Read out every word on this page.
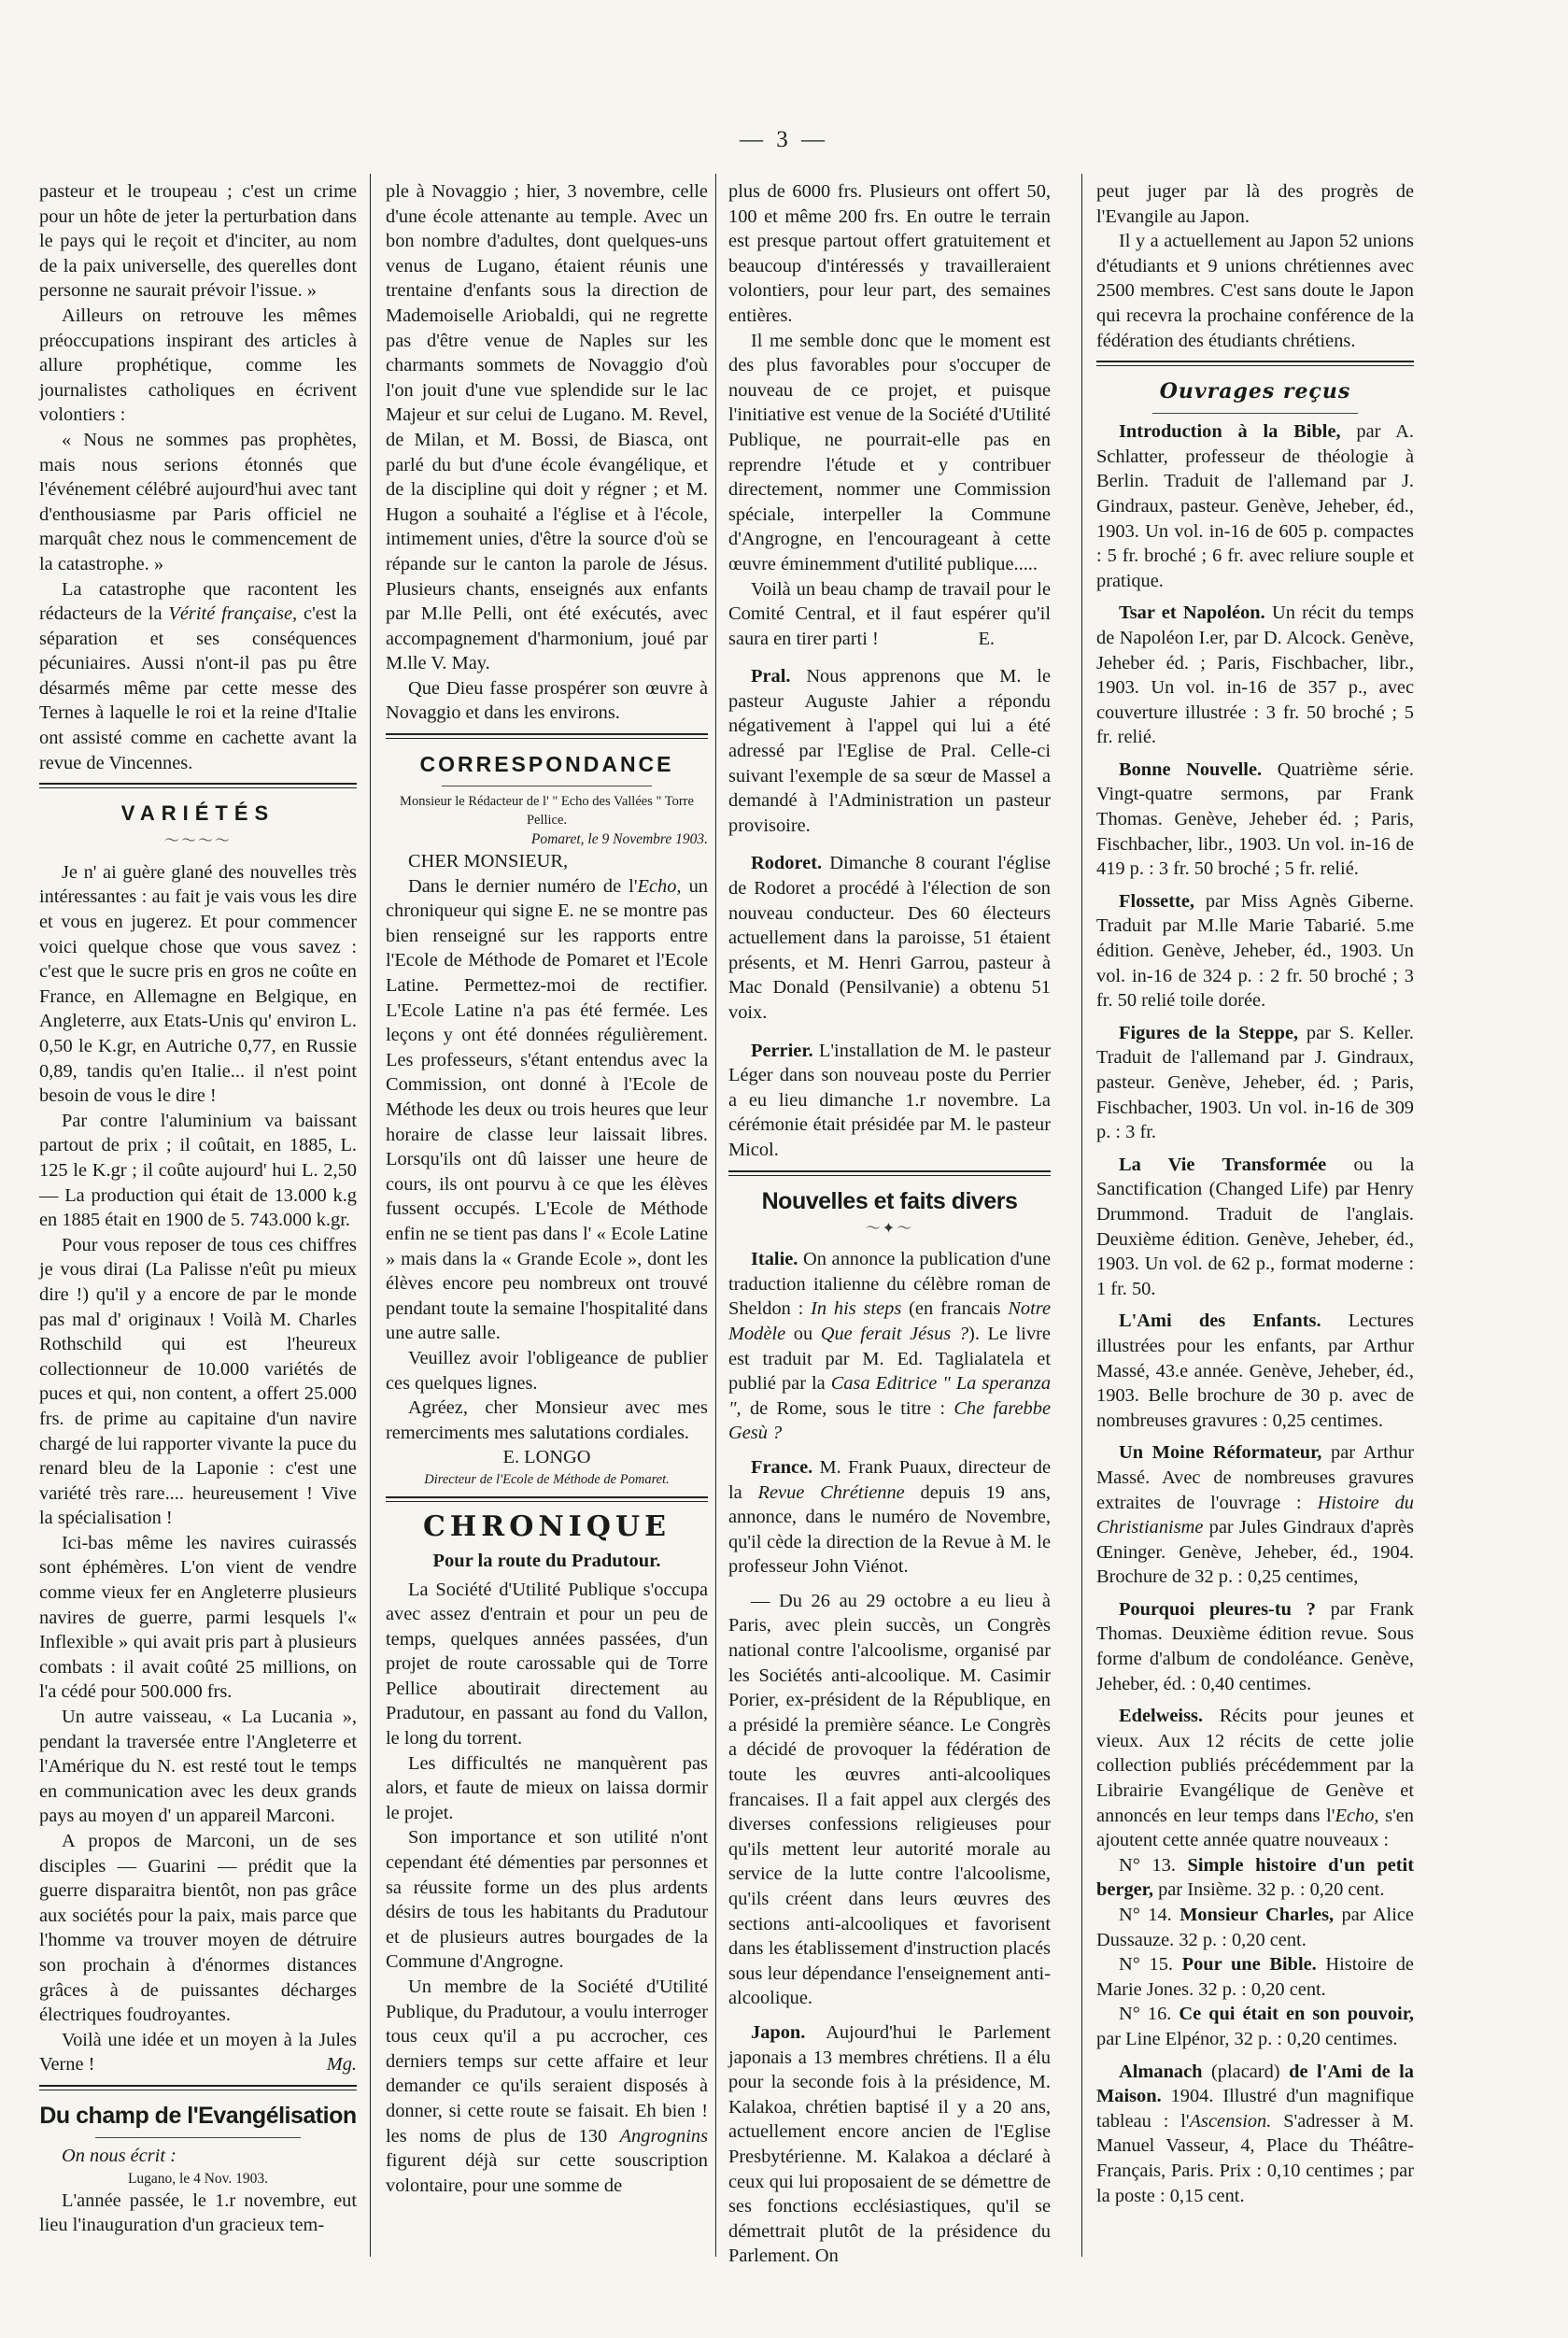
— 3 —

pasteur et le troupeau ; c'est un crime pour un hôte de jeter la perturbation dans le pays qui le reçoit et d'inciter, au nom de la paix universelle, des querelles dont personne ne saurait prévoir l'issue. »

Ailleurs on retrouve les mêmes préoccupations inspirant des articles à allure prophétique, comme les journalistes catholiques en écrivent volontiers :

« Nous ne sommes pas prophètes, mais nous serions étonnés que l'événement célébré aujourd'hui avec tant d'enthousiasme par Paris officiel ne marquât chez nous le commencement de la catastrophe. »

La catastrophe que racontent les rédacteurs de la Vérité française, c'est la séparation et ses conséquences pécuniaires. Aussi n'ont-il pas pu être désarmés même par cette messe des Ternes à laquelle le roi et la reine d'Italie ont assisté comme en cachette avant la revue de Vincennes.

VARIÉTÉS
〜〜〜〜

Je n' ai guère glané des nouvelles très intéressantes : au fait je vais vous les dire et vous en jugerez. Et pour commencer voici quelque chose que vous savez : c'est que le sucre pris en gros ne coûte en France, en Allemagne en Belgique, en Angleterre, aux Etats-Unis qu' environ L. 0,50 le K.gr, en Autriche 0,77, en Russie 0,89, tandis qu'en Italie... il n'est point besoin de vous le dire !

Par contre l'aluminium va baissant partout de prix ; il coûtait, en 1885, L. 125 le K.gr ; il coûte aujourd' hui L. 2,50 — La production qui était de 13.000 k.g en 1885 était en 1900 de 5. 743.000 k.gr.

Pour vous reposer de tous ces chiffres je vous dirai (La Palisse n'eût pu mieux dire !) qu'il y a encore de par le monde pas mal d' originaux ! Voilà M. Charles Rothschild qui est l'heureux collectionneur de 10.000 variétés de puces et qui, non content, a offert 25.000 frs. de prime au capitaine d'un navire chargé de lui rapporter vivante la puce du renard bleu de la Laponie : c'est une variété très rare.... heureusement ! Vive la spécialisation !

Ici-bas même les navires cuirassés sont éphémères. L'on vient de vendre comme vieux fer en Angleterre plusieurs navires de guerre, parmi lesquels l'« Inflexible » qui avait pris part à plusieurs combats : il avait coûté 25 millions, on l'a cédé pour 500.000 frs.

Un autre vaisseau, « La Lucania », pendant la traversée entre l'Angleterre et l'Amérique du N. est resté tout le temps en communication avec les deux grands pays au moyen d' un appareil Marconi.

A propos de Marconi, un de ses disciples — Guarini — prédit que la guerre disparaitra bientôt, non pas grâce aux sociétés pour la paix, mais parce que l'homme va trouver moyen de détruire son prochain à d'énormes distances grâces à de puissantes décharges électriques foudroyantes.

Voilà une idée et un moyen à la Jules Verne !	Mg.

Du champ de l'Evangélisation

On nous écrit :

Lugano, le 4 Nov. 1903.

L'année passée, le 1.r novembre, eut lieu l'inauguration d'un gracieux tem-

ple à Novaggio ; hier, 3 novembre, celle d'une école attenante au temple. Avec un bon nombre d'adultes, dont quelques-uns venus de Lugano, étaient réunis une trentaine d'enfants sous la direction de Mademoiselle Ariobaldi, qui ne regrette pas d'être venue de Naples sur les charmants sommets de Novaggio d'où l'on jouit d'une vue splendide sur le lac Majeur et sur celui de Lugano. M. Revel, de Milan, et M. Bossi, de Biasca, ont parlé du but d'une école évangélique, et de la discipline qui doit y régner ; et M. Hugon a souhaité a l'église et à l'école, intimement unies, d'être la source d'où se répande sur le canton la parole de Jésus. Plusieurs chants, enseignés aux enfants par M.lle Pelli, ont été exécutés, avec accompagnement d'harmonium, joué par M.lle V. May.

Que Dieu fasse prospérer son œuvre à Novaggio et dans les environs.

CORRESPONDANCE

Monsieur le Rédacteur de l' " Echo des Vallées " Torre Pellice.

Pomaret, le 9 Novembre 1903.

CHER MONSIEUR,

Dans le dernier numéro de l'Echo, un chroniqueur qui signe E. ne se montre pas bien renseigné sur les rapports entre l'Ecole de Méthode de Pomaret et l'Ecole Latine. Permettez-moi de rectifier. L'Ecole Latine n'a pas été fermée. Les leçons y ont été données régulièrement. Les professeurs, s'étant entendus avec la Commission, ont donné à l'Ecole de Méthode les deux ou trois heures que leur horaire de classe leur laissait libres. Lorsqu'ils ont dû laisser une heure de cours, ils ont pourvu à ce que les élèves fussent occupés. L'Ecole de Méthode enfin ne se tient pas dans l' « Ecole Latine » mais dans la « Grande Ecole », dont les élèves encore peu nombreux ont trouvé pendant toute la semaine l'hospitalité dans une autre salle.

Veuillez avoir l'obligeance de publier ces quelques lignes.

Agréez, cher Monsieur avec mes remerciments mes salutations cordiales.

E. LONGO

Directeur de l'Ecole de Méthode de Pomaret.

CHRONIQUE
Pour la route du Pradutour.

La Société d'Utilité Publique s'occupa avec assez d'entrain et pour un peu de temps, quelques années passées, d'un projet de route carossable qui de Torre Pellice aboutirait directement au Pradutour, en passant au fond du Vallon, le long du torrent.

Les difficultés ne manquèrent pas alors, et faute de mieux on laissa dormir le projet.

Son importance et son utilité n'ont cependant été démenties par personnes et sa réussite forme un des plus ardents désirs de tous les habitants du Pradutour et de plusieurs autres bourgades de la Commune d'Angrogne.

Un membre de la Société d'Utilité Publique, du Pradutour, a voulu interroger tous ceux qu'il a pu accrocher, ces derniers temps sur cette affaire et leur demander ce qu'ils seraient disposés à donner, si cette route se faisait. Eh bien ! les noms de plus de 130 Angrognins figurent déjà sur cette souscription volontaire, pour une somme de

plus de 6000 frs. Plusieurs ont offert 50, 100 et même 200 frs. En outre le terrain est presque partout offert gratuitement et beaucoup d'intéressés y travailleraient volontiers, pour leur part, des semaines entières.

Il me semble donc que le moment est des plus favorables pour s'occuper de nouveau de ce projet, et puisque l'initiative est venue de la Société d'Utilité Publique, ne pourrait-elle pas en reprendre l'étude et y contribuer directement, nommer une Commission spéciale, interpeller la Commune d'Angrogne, en l'encourageant à cette œuvre éminemment d'utilité publique.....

Voilà un beau champ de travail pour le Comité Central, et il faut espérer qu'il saura en tirer parti !	E.

Pral. Nous apprenons que M. le pasteur Auguste Jahier a répondu négativement à l'appel qui lui a été adressé par l'Eglise de Pral. Celle-ci suivant l'exemple de sa sœur de Massel a demandé à l'Administration un pasteur provisoire.

Rodoret. Dimanche 8 courant l'église de Rodoret a procédé à l'élection de son nouveau conducteur. Des 60 électeurs actuellement dans la paroisse, 51 étaient présents, et M. Henri Garrou, pasteur à Mac Donald (Pensilvanie) a obtenu 51 voix.

Perrier. L'installation de M. le pasteur Léger dans son nouveau poste du Perrier a eu lieu dimanche 1.r novembre. La cérémonie était présidée par M. le pasteur Micol.

Nouvelles et faits divers
〜✦〜

Italie. On annonce la publication d'une traduction italienne du célèbre roman de Sheldon : In his steps (en francais Notre Modèle ou Que ferait Jésus ?). Le livre est traduit par M. Ed. Taglialatela et publié par la Casa Editrice " La speranza ", de Rome, sous le titre : Che farebbe Gesù ?

France. M. Frank Puaux, directeur de la Revue Chrétienne depuis 19 ans, annonce, dans le numéro de Novembre, qu'il cède la direction de la Revue à M. le professeur John Viénot.

— Du 26 au 29 octobre a eu lieu à Paris, avec plein succès, un Congrès national contre l'alcoolisme, organisé par les Sociétés anti-alcoolique. M. Casimir Porier, ex-président de la République, en a présidé la première séance. Le Congrès a décidé de provoquer la fédération de toute les œuvres anti-alcooliques francaises. Il a fait appel aux clergés des diverses confessions religieuses pour qu'ils mettent leur autorité morale au service de la lutte contre l'alcoolisme, qu'ils créent dans leurs œuvres des sections anti-alcooliques et favorisent dans les établissement d'instruction placés sous leur dépendance l'enseignement anti-alcoolique.

Japon. Aujourd'hui le Parlement japonais a 13 membres chrétiens. Il a élu pour la seconde fois à la présidence, M. Kalakoa, chrétien baptisé il y a 20 ans, actuellement encore ancien de l'Eglise Presbytérienne. M. Kalakoa a déclaré à ceux qui lui proposaient de se démettre de ses fonctions ecclésiastiques, qu'il se démettrait plutôt de la présidence du Parlement. On

peut juger par là des progrès de l'Evangile au Japon.

Il y a actuellement au Japon 52 unions d'étudiants et 9 unions chrétiennes avec 2500 membres. C'est sans doute le Japon qui recevra la prochaine conférence de la fédération des étudiants chrétiens.

Ouvrages reçus

Introduction à la Bible, par A. Schlatter, professeur de théologie à Berlin. Traduit de l'allemand par J. Gindraux, pasteur. Genève, Jeheber, éd., 1903. Un vol. in-16 de 605 p. compactes : 5 fr. broché ; 6 fr. avec reliure souple et pratique.

Tsar et Napoléon. Un récit du temps de Napoléon I.er, par D. Alcock. Genève, Jeheber éd. ; Paris, Fischbacher, libr., 1903. Un vol. in-16 de 357 p., avec couverture illustrée : 3 fr. 50 broché ; 5 fr. relié.

Bonne Nouvelle. Quatrième série. Vingt-quatre sermons, par Frank Thomas. Genève, Jeheber éd. ; Paris, Fischbacher, libr., 1903. Un vol. in-16 de 419 p. : 3 fr. 50 broché ; 5 fr. relié.

Flossette, par Miss Agnès Giberne. Traduit par M.lle Marie Tabarié. 5.me édition. Genève, Jeheber, éd., 1903. Un vol. in-16 de 324 p. : 2 fr. 50 broché ; 3 fr. 50 relié toile dorée.

Figures de la Steppe, par S. Keller. Traduit de l'allemand par J. Gindraux, pasteur. Genève, Jeheber, éd. ; Paris, Fischbacher, 1903. Un vol. in-16 de 309 p. : 3 fr.

La Vie Transformée ou la Sanctification (Changed Life) par Henry Drummond. Traduit de l'anglais. Deuxième édition. Genève, Jeheber, éd., 1903. Un vol. de 62 p., format moderne : 1 fr. 50.

L'Ami des Enfants. Lectures illustrées pour les enfants, par Arthur Massé, 43.e année. Genève, Jeheber, éd., 1903. Belle brochure de 30 p. avec de nombreuses gravures : 0,25 centimes.

Un Moine Réformateur, par Arthur Massé. Avec de nombreuses gravures extraites de l'ouvrage : Histoire du Christianisme par Jules Gindraux d'après Œninger. Genève, Jeheber, éd., 1904. Brochure de 32 p. : 0,25 centimes,

Pourquoi pleures-tu ? par Frank Thomas. Deuxième édition revue. Sous forme d'album de condoléance. Genève, Jeheber, éd. : 0,40 centimes.

Edelweiss. Récits pour jeunes et vieux. Aux 12 récits de cette jolie collection publiés précédemment par la Librairie Evangélique de Genève et annoncés en leur temps dans l'Echo, s'en ajoutent cette année quatre nouveaux :

N° 13. Simple histoire d'un petit berger, par Insième. 32 p. : 0,20 cent.

N° 14. Monsieur Charles, par Alice Dussauze. 32 p. : 0,20 cent.

N° 15. Pour une Bible. Histoire de Marie Jones. 32 p. : 0,20 cent.

N° 16. Ce qui était en son pouvoir, par Line Elpénor, 32 p. : 0,20 centimes.

Almanach (placard) de l'Ami de la Maison. 1904. Illustré d'un magnifique tableau : l'Ascension. S'adresser à M. Manuel Vasseur, 4, Place du Théâtre-Français, Paris. Prix : 0,10 centimes ; par la poste : 0,15 cent.
